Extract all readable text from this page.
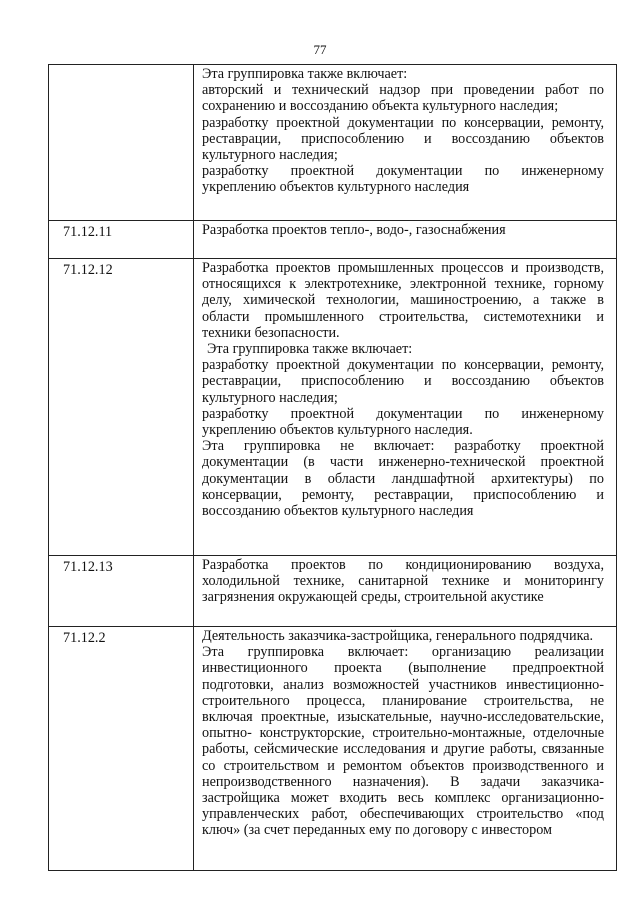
77

	Эта группировка также включает:

авторский и технический надзор при проведении работ по сохранению и воссозданию объекта культурного наследия;

разработку проектной документации по консервации, ремонту, реставрации, приспособлению и воссозданию объектов культурного наследия;

разработку проектной документации по инженерному укреплению объектов культурного наследия

71.12.11	Разработка проектов тепло-, водо-, газоснабжения

71.12.12	Разработка проектов промышленных процессов и производств, относящихся к электротехнике, электронной технике, горному делу, химической технологии, машиностроению, а также в области промышленного строительства, системотехники и техники безопасности.

Эта группировка также включает:

разработку проектной документации по консервации, ремонту, реставрации, приспособлению и воссозданию объектов культурного наследия;

разработку проектной документации по инженерному укреплению объектов культурного наследия.

Эта группировка не включает: разработку проектной документации (в части инженерно-технической проектной документации в области ландшафтной архитектуры) по консервации, ремонту, реставрации, приспособлению и воссозданию объектов культурного наследия

71.12.13	Разработка проектов по кондиционированию воздуха, холодильной технике, санитарной технике и мониторингу загрязнения окружающей среды, строительной акустике

71.12.2	Деятельность заказчика-застройщика, генерального подрядчика.

Эта группировка включает: организацию реализации инвестиционного проекта (выполнение предпроектной подготовки, анализ возможностей участников инвестиционно-строительного процесса, планирование строительства, не включая проектные, изыскательные, научно-исследовательские, опытно- конструкторские, строительно-монтажные, отделочные работы, сейсмические исследования и другие работы, связанные со строительством и ремонтом объектов производственного и непроизводственного назначения). В задачи заказчика-застройщика может входить весь комплекс организационно-управленческих работ, обеспечивающих строительство «под ключ» (за счет переданных ему по договору с инвестором
